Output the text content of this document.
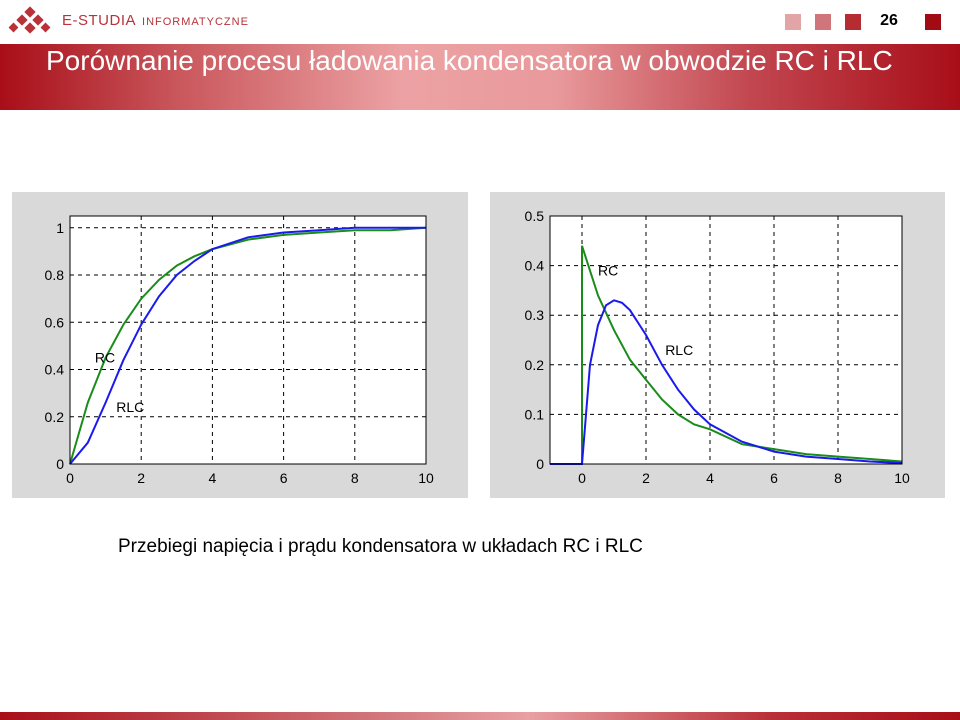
E-STUDIA INFORMATYCZNE	26
Porównanie procesu ładowania kondensatora w obwodzie RC i RLC
0	2	4	6	8	10
0
0.2
0.4
0.6
0.8
1
RC
RLC
0	2	4	6	8	10
0
0.1
0.2
0.3
0.4
0.5
RC
RLC
Przebiegi napięcia i prądu kondensatora w układach RC i RLC
